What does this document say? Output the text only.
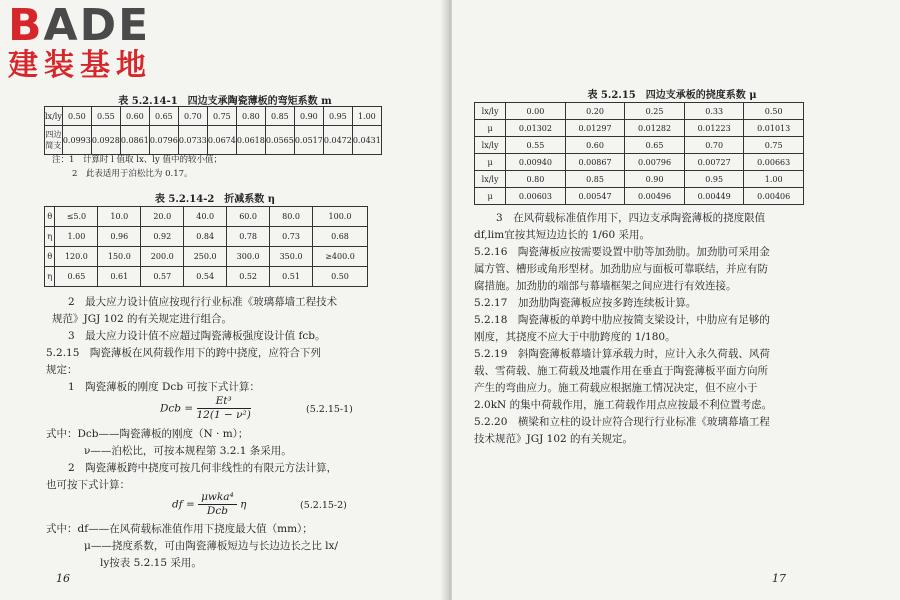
BADE
建装基地
表 5.2.14-1　四边支承陶瓷薄板的弯矩系数 m
lx/ly	0.50	0.55	0.60	0.65	0.70	0.75	0.80	0.85	0.90	0.95	1.00
四边简支	0.0993	0.0928	0.0861	0.0796	0.0733	0.0674	0.0618	0.0565	0.0517	0.0472	0.0431
注：1　计算时 l 值取 lx、ly 值中的较小值；
2　此表适用于泊松比为 0.17。
表 5.2.14-2　折减系数 η
θ	≤5.0	10.0	20.0	40.0	60.0	80.0	100.0
η	1.00	0.96	0.92	0.84	0.78	0.73	0.68
θ	120.0	150.0	200.0	250.0	300.0	350.0	≥400.0
η	0.65	0.61	0.57	0.54	0.52	0.51	0.50
2　最大应力设计值应按现行行业标准《玻璃幕墙工程技术
规范》JGJ 102 的有关规定进行组合。
3　最大应力设计值不应超过陶瓷薄板强度设计值 fcb。
5.2.15　陶瓷薄板在风荷载作用下的跨中挠度，应符合下列
规定：
1　陶瓷薄板的刚度 Dcb 可按下式计算：
Dcb = $\frac{\text{Et³}}{\text{12(1 − ν²)}}$	(5.2.15-1)
式中：Dcb——陶瓷薄板的刚度（N · m）；
ν——泊松比，可按本规程第 3.2.1 条采用。
2　陶瓷薄板跨中挠度可按几何非线性的有限元方法计算，
也可按下式计算：
df = $\frac{\text{μwka⁴}}{\text{Dcb}}$ η	(5.2.15-2)
式中：df——在风荷载标准值作用下挠度最大值（mm）；
μ——挠度系数，可由陶瓷薄板短边与长边边长之比 lx/
ly按表 5.2.15 采用。
16
表 5.2.15　四边支承板的挠度系数 μ
lx/ly	0.00	0.20	0.25	0.33	0.50
μ	0.01302	0.01297	0.01282	0.01223	0.01013
lx/ly	0.55	0.60	0.65	0.70	0.75
μ	0.00940	0.00867	0.00796	0.00727	0.00663
lx/ly	0.80	0.85	0.90	0.95	1.00
μ	0.00603	0.00547	0.00496	0.00449	0.00406
3　在风荷载标准值作用下，四边支承陶瓷薄板的挠度限值
df,lim宜按其短边边长的 1/60 采用。
5.2.16　陶瓷薄板应按需要设置中肋等加劲肋。加劲肋可采用金
属方管、槽形或角形型材。加劲肋应与面板可靠联结，并应有防
腐措施。加劲肋的端部与幕墙框架之间应进行有效连接。
5.2.17　加劲肋陶瓷薄板应按多跨连续板计算。
5.2.18　陶瓷薄板的单跨中肋应按简支梁设计，中肋应有足够的
刚度，其挠度不应大于中肋跨度的 1/180。
5.2.19　斜陶瓷薄板幕墙计算承载力时，应计入永久荷载、风荷
载、雪荷载、施工荷载及地震作用在垂直于陶瓷薄板平面方向所
产生的弯曲应力。施工荷载应根据施工情况决定，但不应小于
2.0kN 的集中荷载作用，施工荷载作用点应按最不利位置考虑。
5.2.20　横梁和立柱的设计应符合现行行业标准《玻璃幕墙工程
技术规范》JGJ 102 的有关规定。
17
